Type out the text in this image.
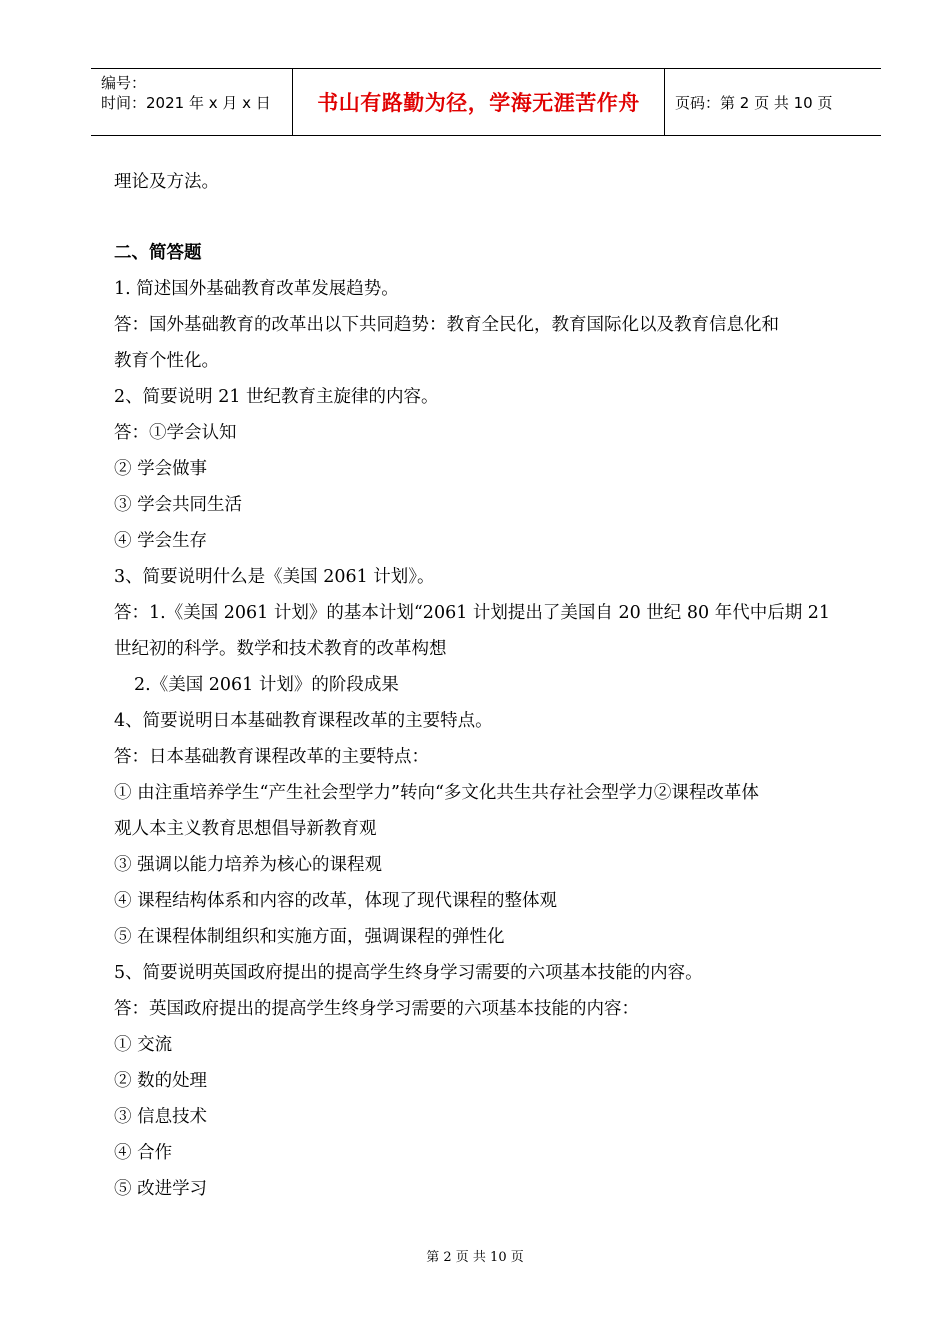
编号：
时间：2021 年 x 月 x 日	书山有路勤为径，学海无涯苦作舟	页码：第 2 页 共 10 页
理论及方法。
二、简答题
1. 简述国外基础教育改革发展趋势。
答：国外基础教育的改革出以下共同趋势：教育全民化，教育国际化以及教育信息化和
教育个性化。
2、简要说明 21 世纪教育主旋律的内容。
答：①学会认知
② 学会做事
③ 学会共同生活
④ 学会生存
3、简要说明什么是《美国 2061 计划》。
答：1.《美国 2061 计划》的基本计划“2061 计划提出了美国自 20 世纪 80 年代中后期 21
世纪初的科学。数学和技术教育的改革构想
2.《美国 2061 计划》的阶段成果
4、简要说明日本基础教育课程改革的主要特点。
答：日本基础教育课程改革的主要特点：
① 由注重培养学生“产生社会型学力”转向“多文化共生共存社会型学力②课程改革体
观人本主义教育思想倡导新教育观
③ 强调以能力培养为核心的课程观
④ 课程结构体系和内容的改革，体现了现代课程的整体观
⑤ 在课程体制组织和实施方面，强调课程的弹性化
5、简要说明英国政府提出的提高学生终身学习需要的六项基本技能的内容。
答：英国政府提出的提高学生终身学习需要的六项基本技能的内容：
① 交流
② 数的处理
③ 信息技术
④ 合作
⑤ 改进学习
第 2 页 共 10 页
